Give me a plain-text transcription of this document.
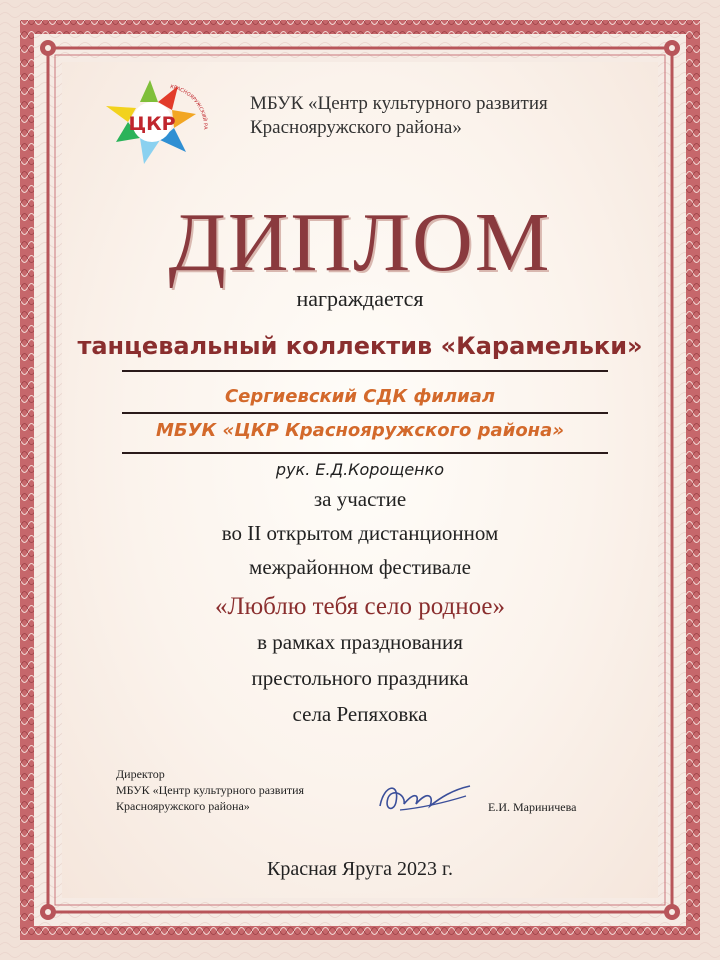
ЦКР
КРАСНОЯРУЖСКИЙ РА
МБУК «Центр культурного развития
Краснояружского района»
ДИПЛОМ
награждается
танцевальный коллектив «Карамельки»
Сергиевский СДК филиал
МБУК «ЦКР Краснояружского района»
рук. Е.Д.Корощенко
за участие
во II открытом дистанционном
межрайонном фестивале
«Люблю тебя село родное»
в рамках празднования
престольного праздника
села Репяховка
Директор
МБУК «Центр культурного развития
Краснояружского района»	Е.И. Мариничева
Красная Яруга 2023 г.
